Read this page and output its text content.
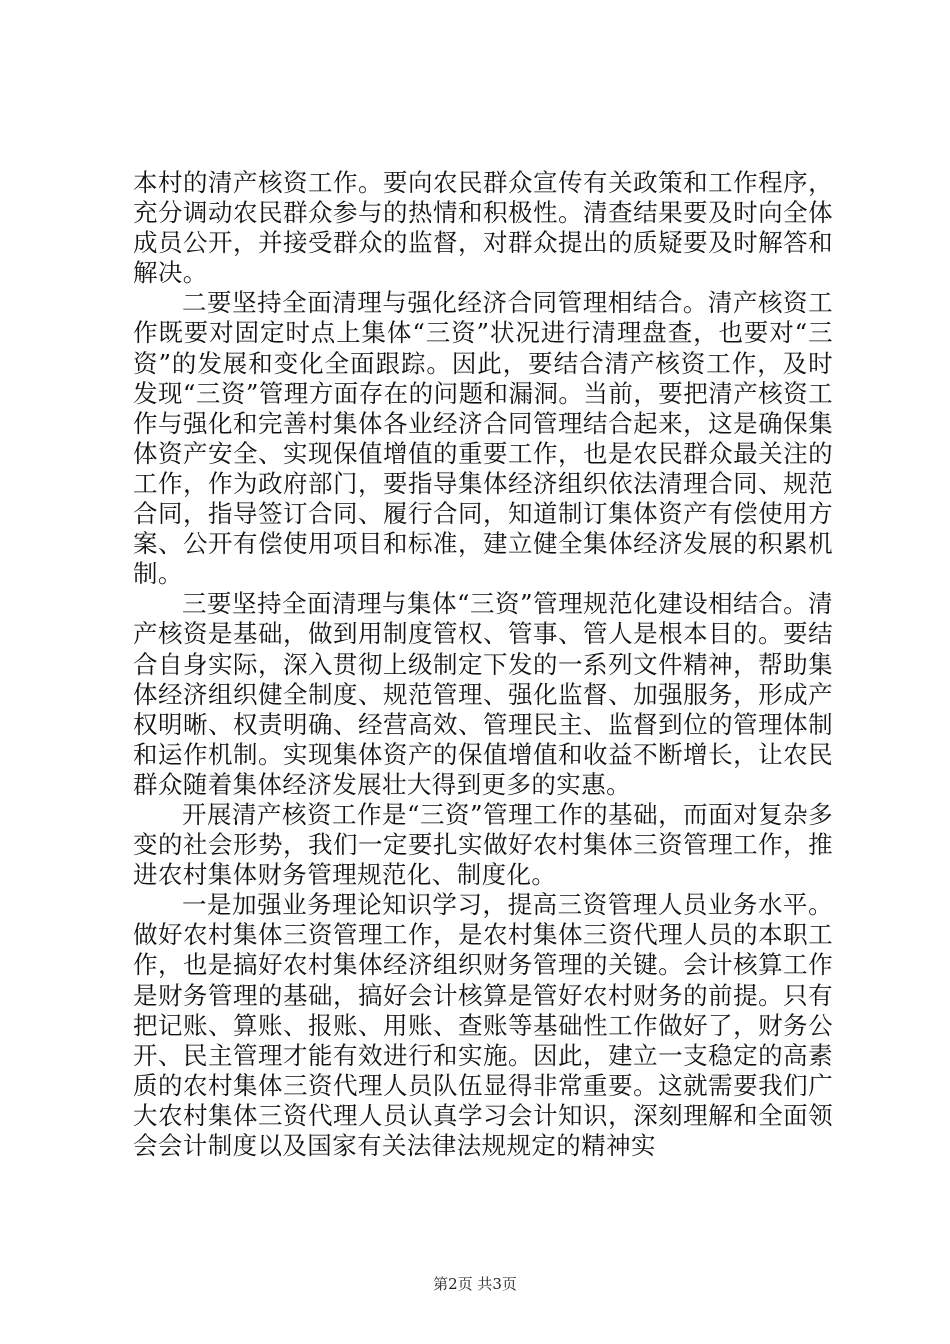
本村的清产核资工作。要向农民群众宣传有关政策和工作程序，充分调动农民群众参与的热情和积极性。清查结果要及时向全体成员公开，并接受群众的监督，对群众提出的质疑要及时解答和解决。

二要坚持全面清理与强化经济合同管理相结合。清产核资工作既要对固定时点上集体“三资”状况进行清理盘查，也要对“三资”的发展和变化全面跟踪。因此，要结合清产核资工作，及时发现“三资”管理方面存在的问题和漏洞。当前，要把清产核资工作与强化和完善村集体各业经济合同管理结合起来，这是确保集体资产安全、实现保值增值的重要工作，也是农民群众最关注的工作，作为政府部门，要指导集体经济组织依法清理合同、规范合同，指导签订合同、履行合同，知道制订集体资产有偿使用方案、公开有偿使用项目和标准，建立健全集体经济发展的积累机制。

三要坚持全面清理与集体“三资”管理规范化建设相结合。清产核资是基础，做到用制度管权、管事、管人是根本目的。要结合自身实际，深入贯彻上级制定下发的一系列文件精神，帮助集体经济组织健全制度、规范管理、强化监督、加强服务，形成产权明晰、权责明确、经营高效、管理民主、监督到位的管理体制和运作机制。实现集体资产的保值增值和收益不断增长，让农民群众随着集体经济发展壮大得到更多的实惠。

开展清产核资工作是“三资”管理工作的基础，而面对复杂多变的社会形势，我们一定要扎实做好农村集体三资管理工作，推进农村集体财务管理规范化、制度化。

一是加强业务理论知识学习，提高三资管理人员业务水平。做好农村集体三资管理工作，是农村集体三资代理人员的本职工作，也是搞好农村集体经济组织财务管理的关键。会计核算工作是财务管理的基础，搞好会计核算是管好农村财务的前提。只有把记账、算账、报账、用账、查账等基础性工作做好了，财务公开、民主管理才能有效进行和实施。因此，建立一支稳定的高素质的农村集体三资代理人员队伍显得非常重要。这就需要我们广大农村集体三资代理人员认真学习会计知识，深刻理解和全面领会会计制度以及国家有关法律法规规定的精神实

第2页 共3页
